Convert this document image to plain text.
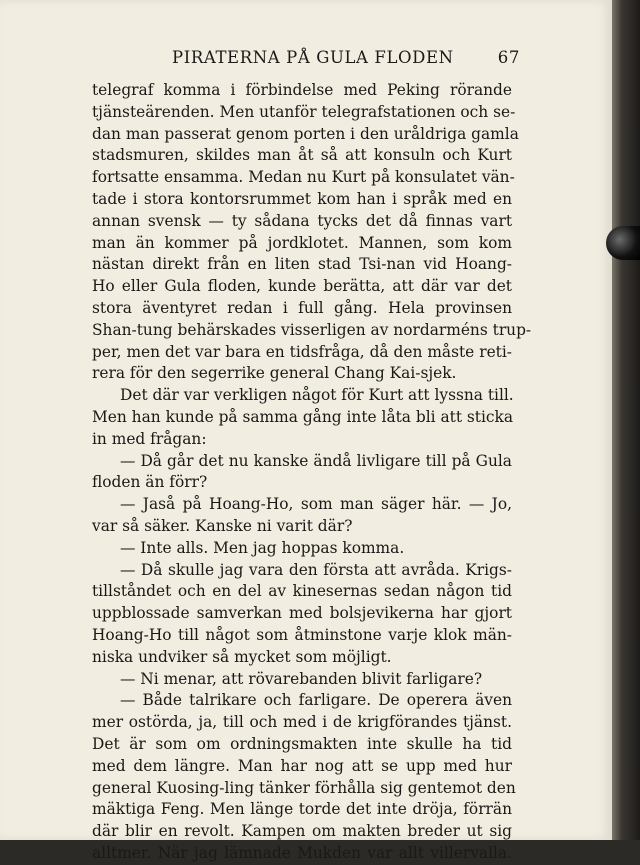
PIRATERNA PÅ GULA FLODEN	67
telegraf komma i förbindelse med Peking rörande
tjänsteärenden. Men utanför telegrafstationen och se-
dan man passerat genom porten i den uråldriga gamla
stadsmuren, skildes man åt så att konsuln och Kurt
fortsatte ensamma. Medan nu Kurt på konsulatet vän-
tade i stora kontorsrummet kom han i språk med en
annan svensk — ty sådana tycks det då finnas vart
man än kommer på jordklotet. Mannen, som kom
nästan direkt från en liten stad Tsi-nan vid Hoang-
Ho eller Gula floden, kunde berätta, att där var det
stora äventyret redan i full gång. Hela provinsen
Shan-tung behärskades visserligen av nordarméns trup-
per, men det var bara en tidsfråga, då den måste reti-
rera för den segerrike general Chang Kai-sjek.
Det där var verkligen något för Kurt att lyssna till.
Men han kunde på samma gång inte låta bli att sticka
in med frågan:
— Då går det nu kanske ändå livligare till på Gula
floden än förr?
— Jaså på Hoang-Ho, som man säger här. — Jo,
var så säker. Kanske ni varit där?
— Inte alls. Men jag hoppas komma.
— Då skulle jag vara den första att avråda. Krigs-
tillståndet och en del av kinesernas sedan någon tid
uppblossade samverkan med bolsjevikerna har gjort
Hoang-Ho till något som åtminstone varje klok män-
niska undviker så mycket som möjligt.
— Ni menar, att rövarebanden blivit farligare?
— Både talrikare och farligare. De operera även
mer ostörda, ja, till och med i de krigförandes tjänst.
Det är som om ordningsmakten inte skulle ha tid
med dem längre. Man har nog att se upp med hur
general Kuosing-ling tänker förhålla sig gentemot den
mäktiga Feng. Men länge torde det inte dröja, förrän
där blir en revolt. Kampen om makten breder ut sig
alltmer. När jag lämnade Mukden var allt villervalla.
